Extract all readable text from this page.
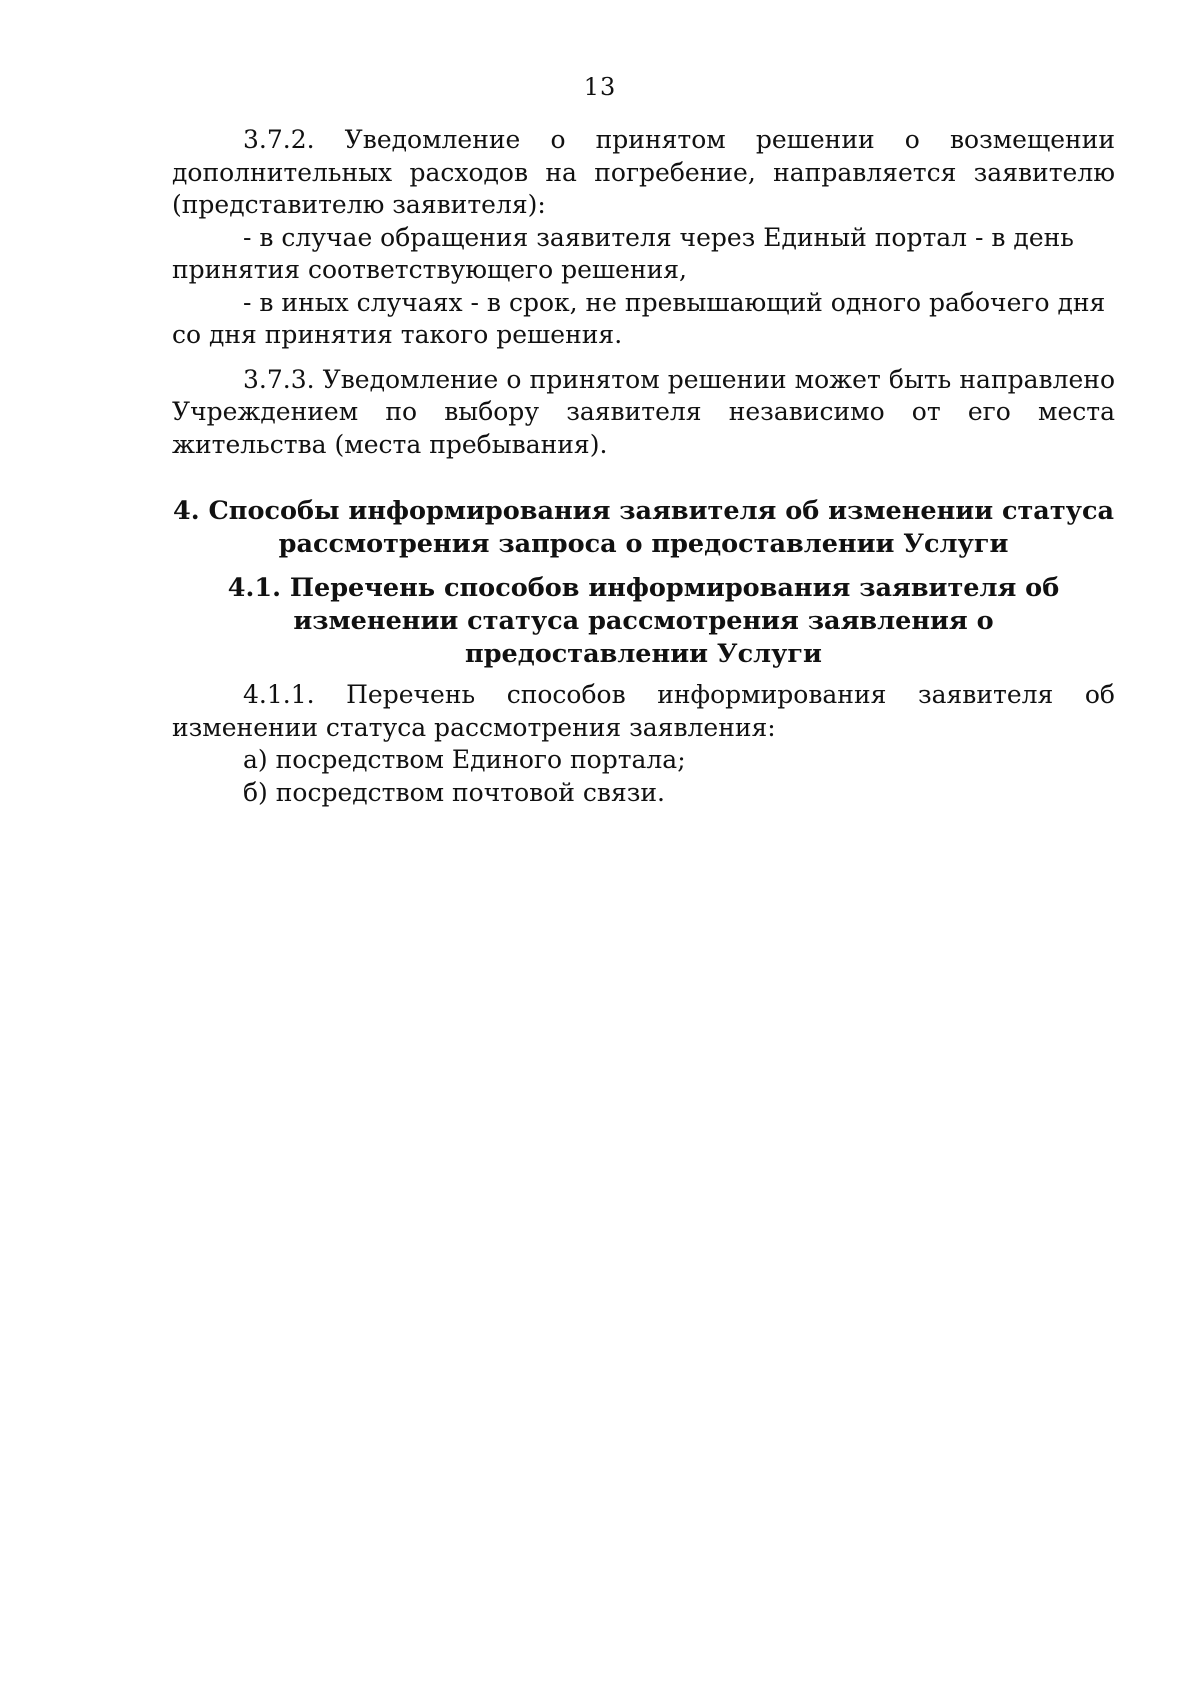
13

3.7.2. Уведомление о принятом решении о возмещении дополнительных расходов на погребение, направляется заявителю (представителю заявителя):

- в случае обращения заявителя через Единый портал - в день принятия соответствующего решения,

- в иных случаях - в срок, не превышающий одного рабочего дня со дня принятия такого решения.

3.7.3. Уведомление о принятом решении может быть направлено Учреждением по выбору заявителя независимо от его места жительства (места пребывания).

4. Способы информирования заявителя об изменении статуса рассмотрения запроса о предоставлении Услуги

4.1. Перечень способов информирования заявителя об изменении статуса рассмотрения заявления о предоставлении Услуги

4.1.1. Перечень способов информирования заявителя об изменении статуса рассмотрения заявления:

а) посредством Единого портала;

б) посредством почтовой связи.
